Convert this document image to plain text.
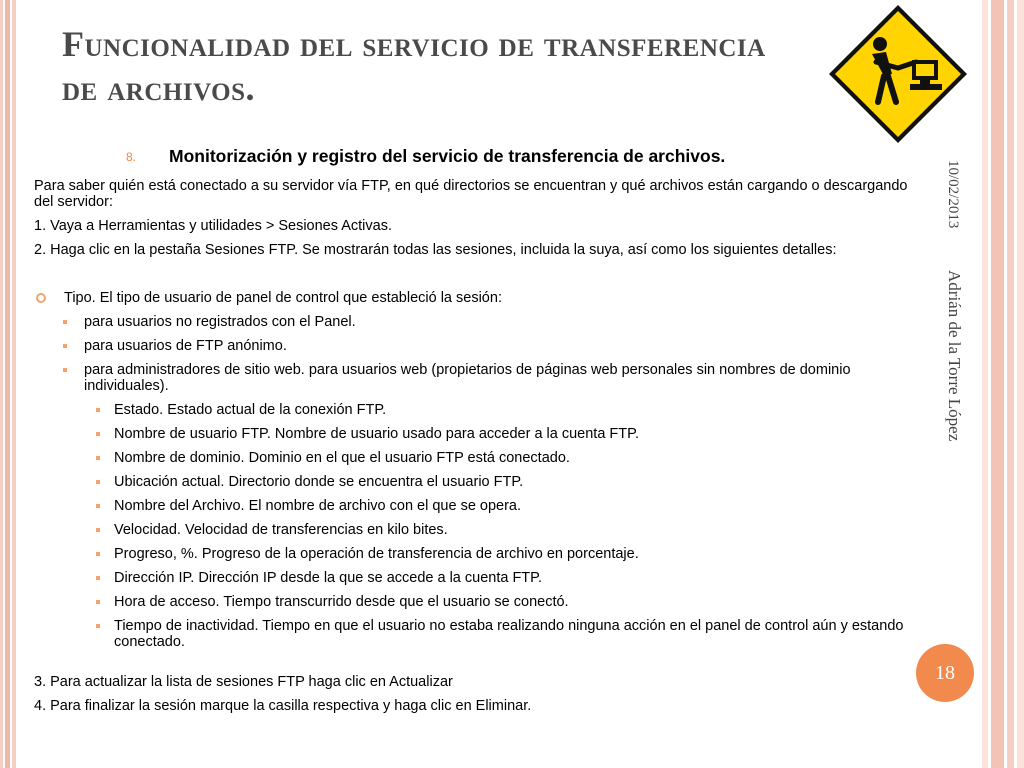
Funcionalidad del servicio de transferencia de archivos.
10/02/2013
Adrián de la Torre López
18
8. Monitorización y registro del servicio de transferencia de archivos.

Para saber quién está conectado a su servidor vía FTP, en qué directorios se encuentran y qué archivos están cargando o descargando del servidor:

1. Vaya a Herramientas y utilidades > Sesiones Activas.

2. Haga clic en la pestaña Sesiones FTP. Se mostrarán todas las sesiones, incluida la suya, así como los siguientes detalles:

Tipo. El tipo de usuario de panel de control que estableció la sesión:

para usuarios no registrados con el Panel.

para usuarios de FTP anónimo.

para administradores de sitio web. para usuarios web (propietarios de páginas web personales sin nombres de dominio individuales).

Estado. Estado actual de la conexión FTP.

Nombre de usuario FTP. Nombre de usuario usado para acceder a la cuenta FTP.

Nombre de dominio. Dominio en el que el usuario FTP está conectado.

Ubicación actual. Directorio donde se encuentra el usuario FTP.

Nombre del Archivo. El nombre de archivo con el que se opera.

Velocidad. Velocidad de transferencias en kilo bites.

Progreso, %. Progreso de la operación de transferencia de archivo en porcentaje.

Dirección IP. Dirección IP desde la que se accede a la cuenta FTP.

Hora de acceso. Tiempo transcurrido desde que el usuario se conectó.

Tiempo de inactividad. Tiempo en que el usuario no estaba realizando ninguna acción en el panel de control aún y estando conectado.

3. Para actualizar la lista de sesiones FTP haga clic en Actualizar

4. Para finalizar la sesión marque la casilla respectiva y haga clic en Eliminar.
